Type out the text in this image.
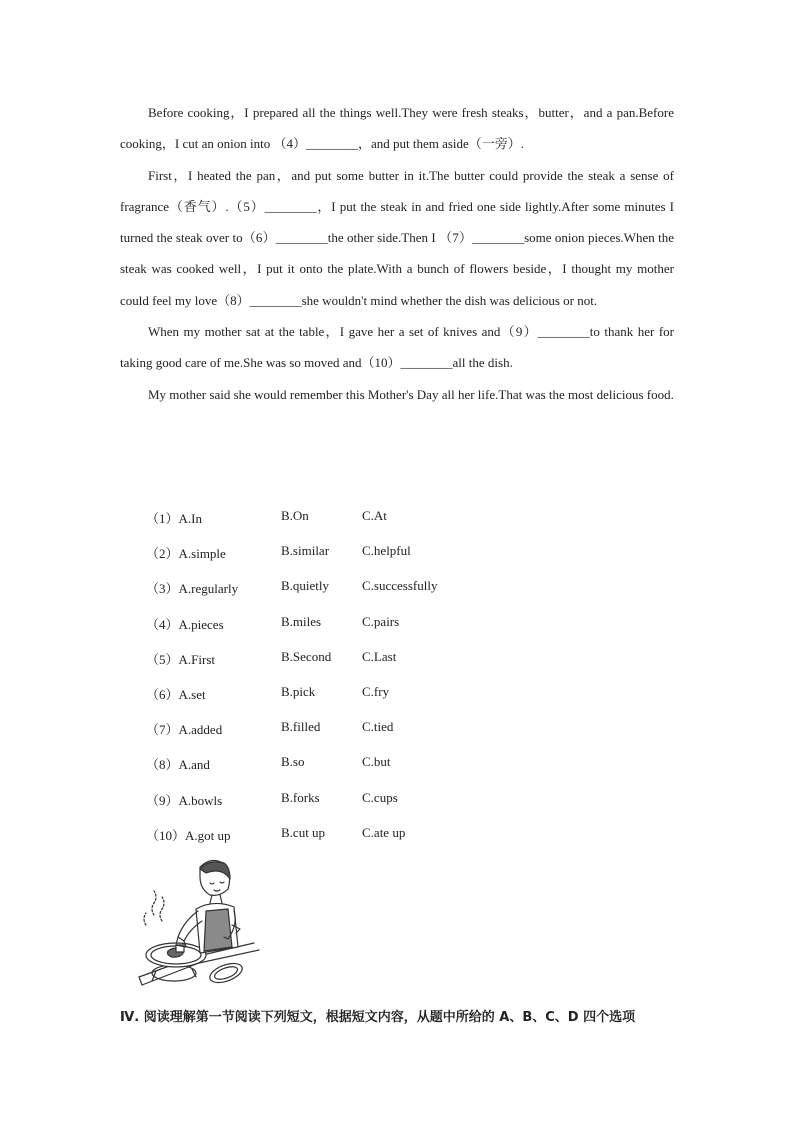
Before cooking，I prepared all the things well.They were fresh steaks，butter，and a pan.Before cooking，I cut an onion into （4）________，and put them aside（一旁）.

First，I heated the pan，and put some butter in it.The butter could provide the steak a sense of fragrance（香气）.（5）________，I put the steak in and fried one side lightly.After some minutes I turned the steak over to（6）________the other side.Then I （7）________some onion pieces.When the steak was cooked well，I put it onto the plate.With a bunch of flowers beside，I thought my mother could feel my love（8）________she wouldn't mind whether the dish was delicious or not.

When my mother sat at the table，I gave her a set of knives and（9）________to thank her for taking good care of me.She was so moved and（10）________all the dish.

My mother said she would remember this Mother's Day all her life.That was the most delicious food.

（1）A.In	B.On	C.At
（2）A.simple	B.similar	C.helpful
（3）A.regularly	B.quietly	C.successfully
（4）A.pieces	B.miles	C.pairs
（5）A.First	B.Second C.Last
（6）A.set	B.pick	C.fry
（7）A.added	B.filled	C.tied
（8）A.and	B.so	C.but
（9）A.bowls	B.forks	C.cups
（10）A.got up	B.cut up	C.ate up
Ⅳ. 阅读理解第一节阅读下列短文，根据短文内容，从题中所给的 A、B、C、D 四个选项
